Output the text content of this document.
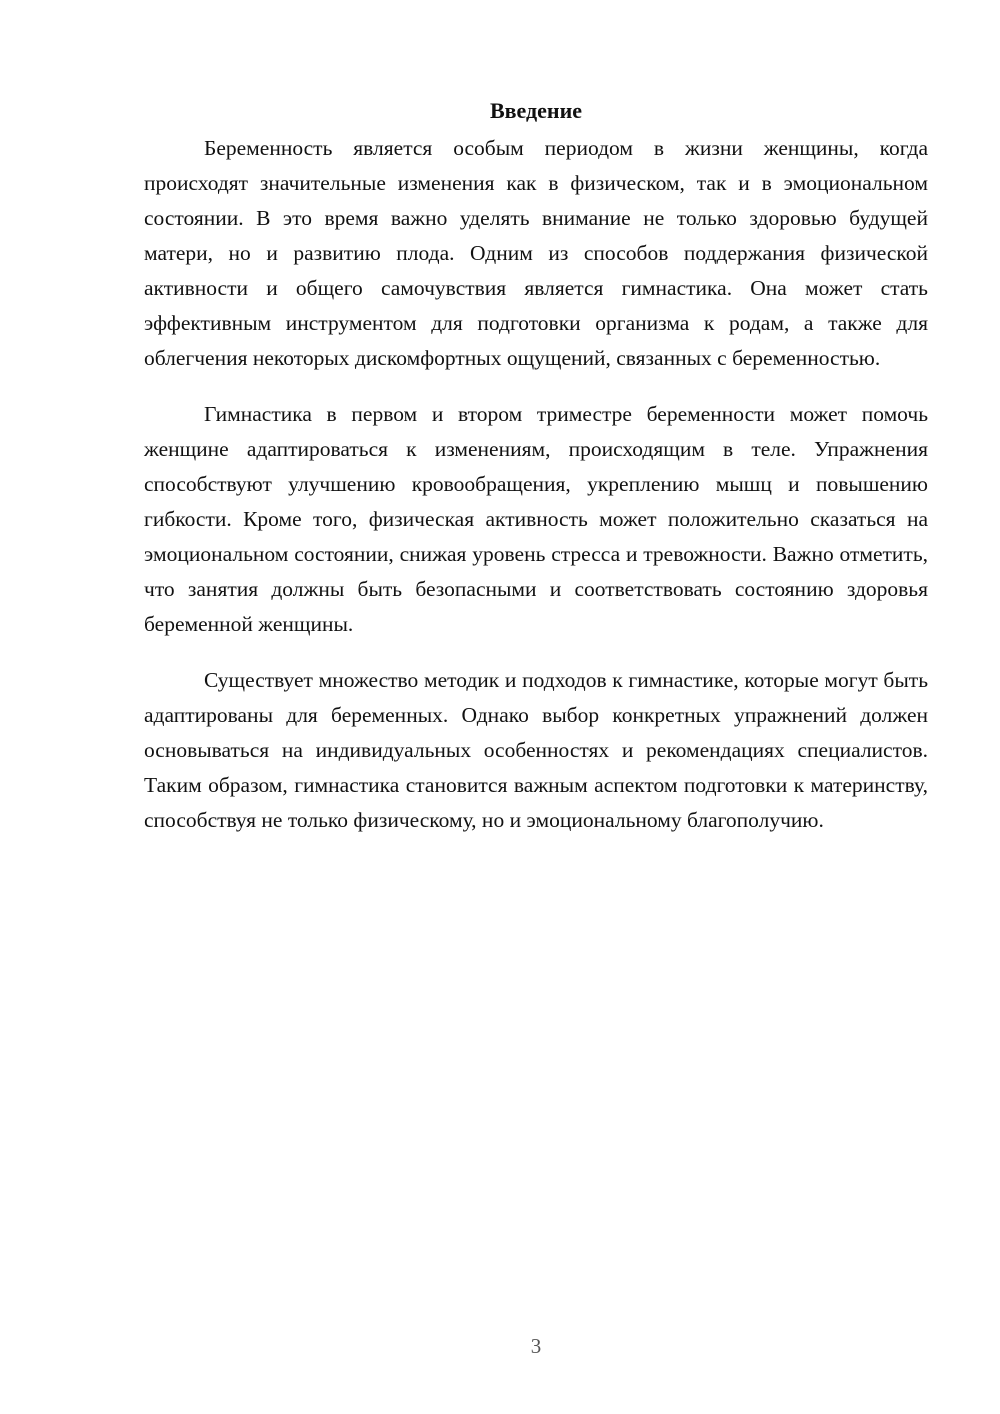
Введение

Беременность является особым периодом в жизни женщины, когда происходят значительные изменения как в физическом, так и в эмоциональном состоянии. В это время важно уделять внимание не только здоровью будущей матери, но и развитию плода. Одним из способов поддержания физической активности и общего самочувствия является гимнастика. Она может стать эффективным инструментом для подготовки организма к родам, а также для облегчения некоторых дискомфортных ощущений, связанных с беременностью.

Гимнастика в первом и втором триместре беременности может помочь женщине адаптироваться к изменениям, происходящим в теле. Упражнения способствуют улучшению кровообращения, укреплению мышц и повышению гибкости. Кроме того, физическая активность может положительно сказаться на эмоциональном состоянии, снижая уровень стресса и тревожности. Важно отметить, что занятия должны быть безопасными и соответствовать состоянию здоровья беременной женщины.

Существует множество методик и подходов к гимнастике, которые могут быть адаптированы для беременных. Однако выбор конкретных упражнений должен основываться на индивидуальных особенностях и рекомендациях специалистов. Таким образом, гимнастика становится важным аспектом подготовки к материнству, способствуя не только физическому, но и эмоциональному благополучию.

3
